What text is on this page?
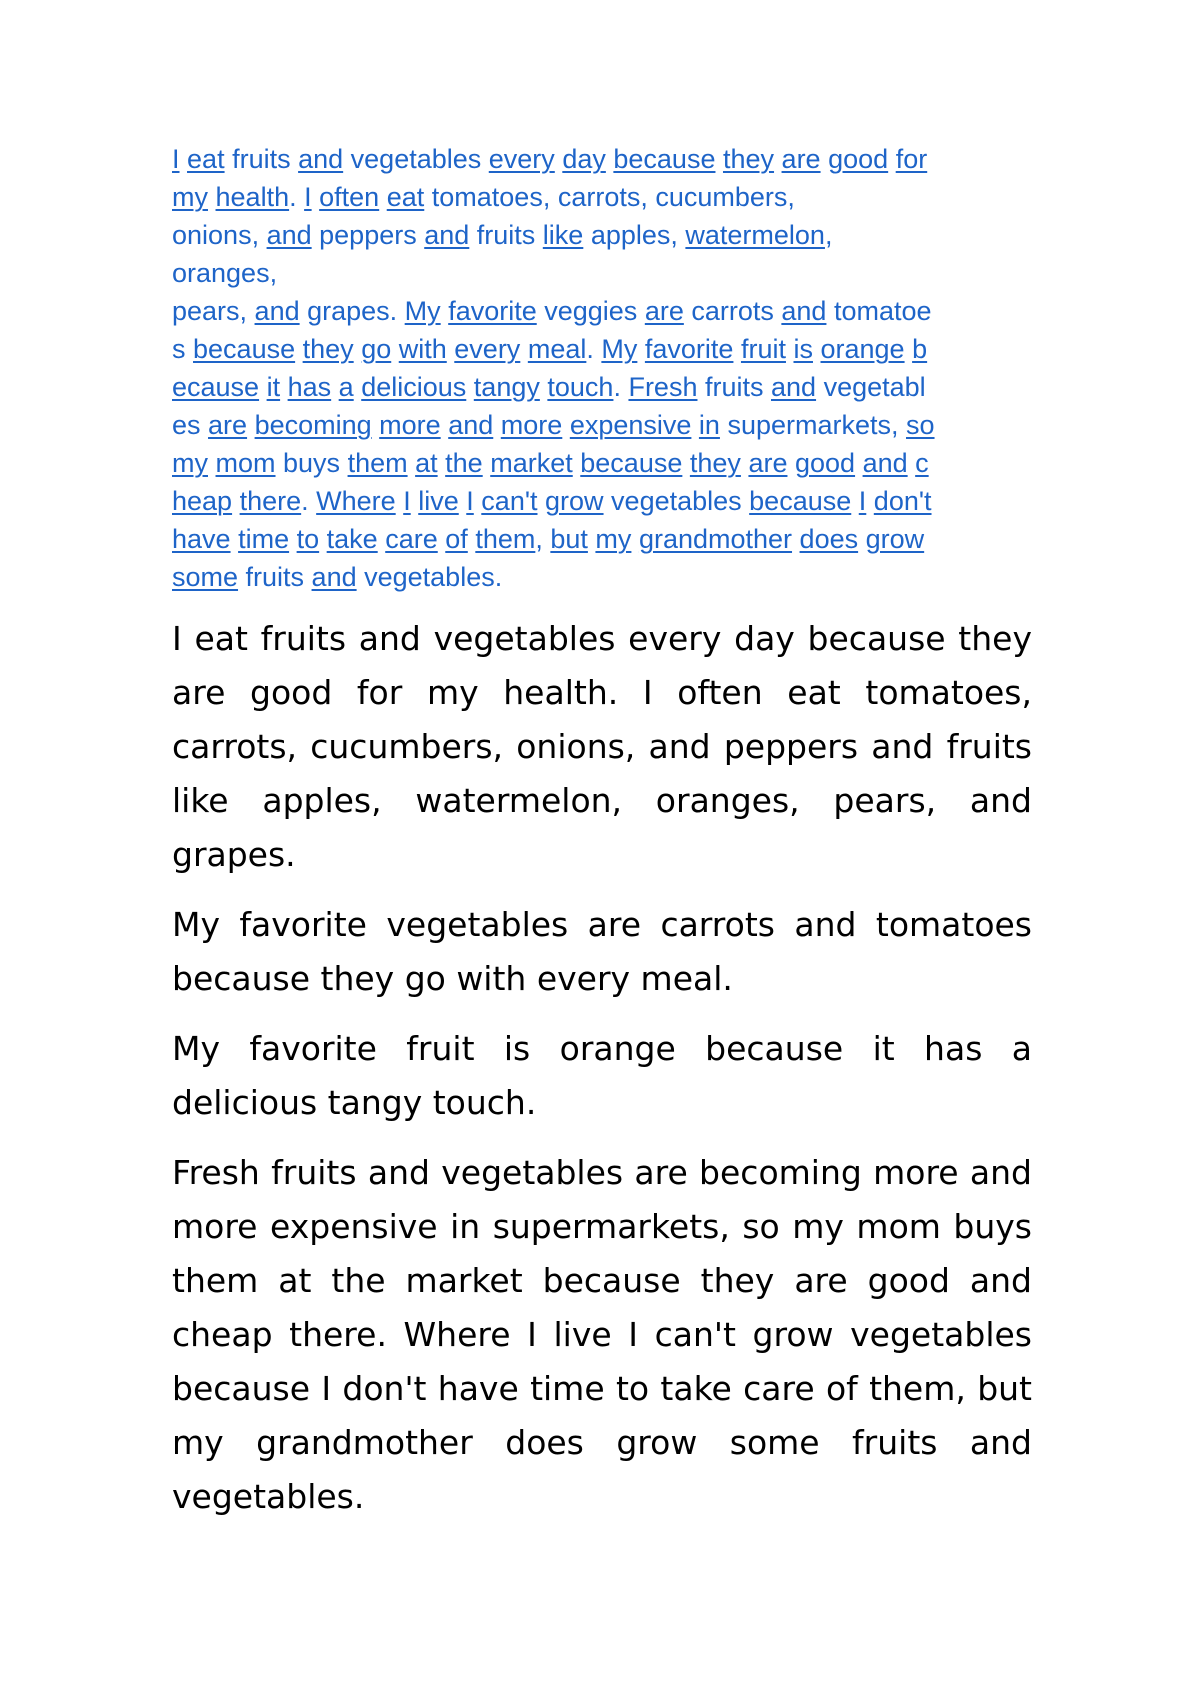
I eat fruits and vegetables every day because they are good for
my health. I often eat tomatoes, carrots, cucumbers,
onions, and peppers and fruits like apples, watermelon,
oranges,
pears, and grapes. My favorite veggies are carrots and tomatoe
s because they go with every meal. My favorite fruit is orange b
ecause it has a delicious tangy touch. Fresh fruits and vegetabl
es are becoming more and more expensive in supermarkets, so
my mom buys them at the market because they are good and c
heap there. Where I live I can't grow vegetables because I don't
have time to take care of them, but my grandmother does grow
some fruits and vegetables.

I eat fruits and vegetables every day because they are good for my health. I often eat tomatoes, carrots, cucumbers, onions, and peppers and fruits like apples, watermelon, oranges, pears, and grapes.

My favorite vegetables are carrots and tomatoes because they go with every meal.

My favorite fruit is orange because it has a delicious tangy touch.

Fresh fruits and vegetables are becoming more and more expensive in supermarkets, so my mom buys them at the market because they are good and cheap there. Where I live I can't grow vegetables because I don't have time to take care of them, but my grandmother does grow some fruits and vegetables.
